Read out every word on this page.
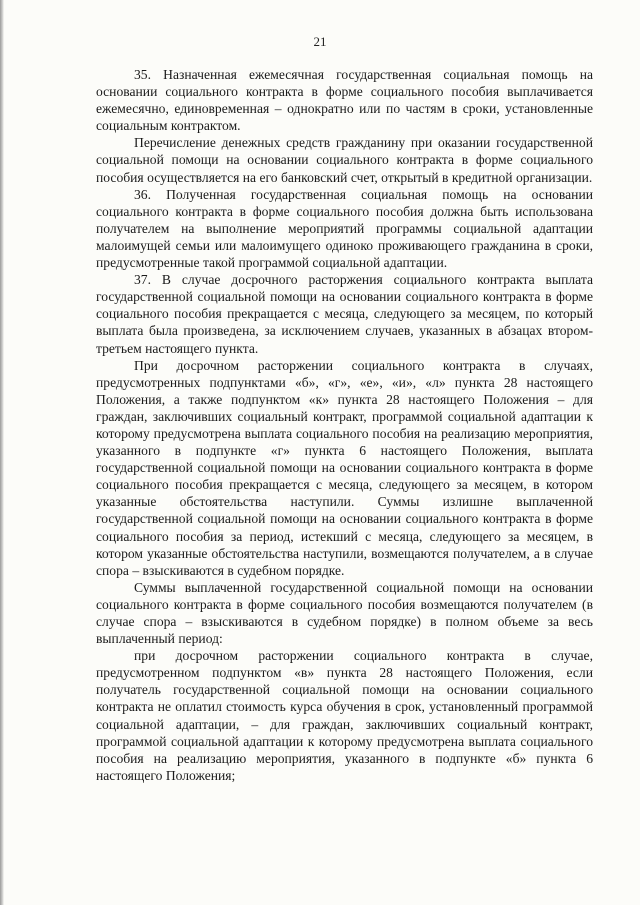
21

35. Назначенная ежемесячная государственная социальная помощь на основании социального контракта в форме социального пособия выплачивается ежемесячно, единовременная – однократно или по частям в сроки, установленные социальным контрактом.

Перечисление денежных средств гражданину при оказании государственной социальной помощи на основании социального контракта в форме социального пособия осуществляется на его банковский счет, открытый в кредитной организации.

36. Полученная государственная социальная помощь на основании социального контракта в форме социального пособия должна быть использована получателем на выполнение мероприятий программы социальной адаптации малоимущей семьи или малоимущего одиноко проживающего гражданина в сроки, предусмотренные такой программой социальной адаптации.

37. В случае досрочного расторжения социального контракта выплата государственной социальной помощи на основании социального контракта в форме социального пособия прекращается с месяца, следующего за месяцем, по который выплата была произведена, за исключением случаев, указанных в абзацах втором-третьем настоящего пункта.

При досрочном расторжении социального контракта в случаях, предусмотренных подпунктами «б», «г», «е», «и», «л» пункта 28 настоящего Положения, а также подпунктом «к» пункта 28 настоящего Положения – для граждан, заключивших социальный контракт, программой социальной адаптации к которому предусмотрена выплата социального пособия на реализацию мероприятия, указанного в подпункте «г» пункта 6 настоящего Положения, выплата государственной социальной помощи на основании социального контракта в форме социального пособия прекращается с месяца, следующего за месяцем, в котором указанные обстоятельства наступили. Суммы излишне выплаченной государственной социальной помощи на основании социального контракта в форме социального пособия за период, истекший с месяца, следующего за месяцем, в котором указанные обстоятельства наступили, возмещаются получателем, а в случае спора – взыскиваются в судебном порядке.

Суммы выплаченной государственной социальной помощи на основании социального контракта в форме социального пособия возмещаются получателем (в случае спора – взыскиваются в судебном порядке) в полном объеме за весь выплаченный период:

при досрочном расторжении социального контракта в случае, предусмотренном подпунктом «в» пункта 28 настоящего Положения, если получатель государственной социальной помощи на основании социального контракта не оплатил стоимость курса обучения в срок, установленный программой социальной адаптации, – для граждан, заключивших социальный контракт, программой социальной адаптации к которому предусмотрена выплата социального пособия на реализацию мероприятия, указанного в подпункте «б» пункта 6 настоящего Положения;
